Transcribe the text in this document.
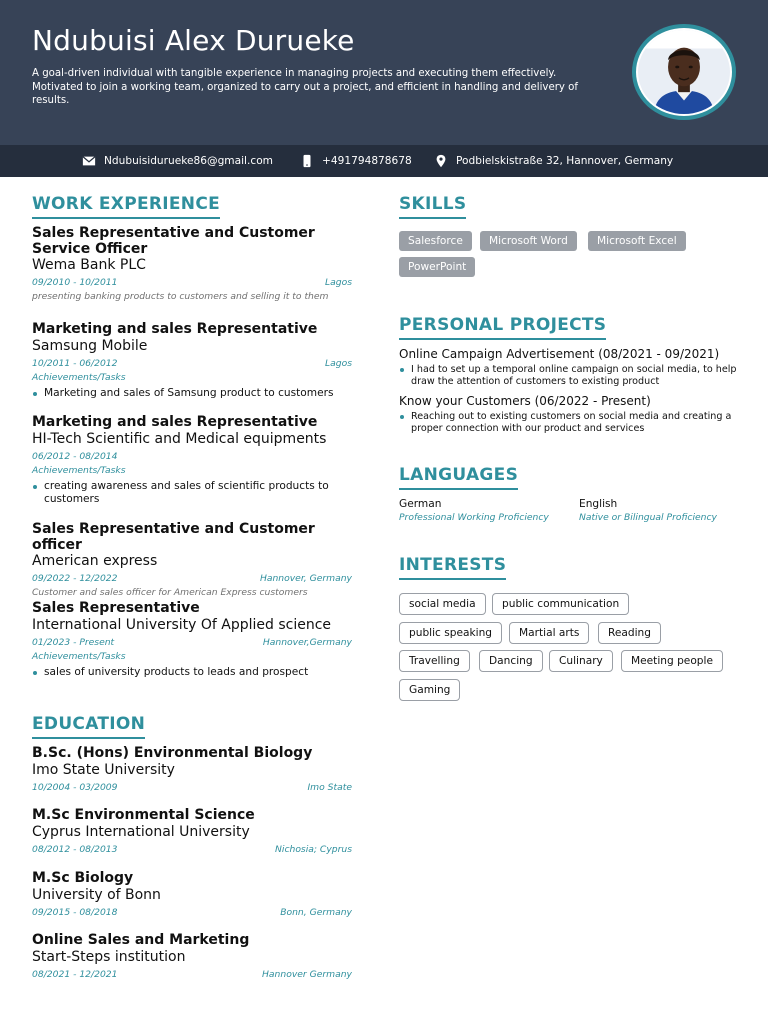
Ndubuisi Alex Durueke
A goal-driven individual with tangible experience in managing projects and executing them effectively. Motivated to join a working team, organized to carry out a project, and efficient in handling and delivery of results.
Ndubuisidurueke86@gmail.com	+491794878678	Podbielskistraße 32, Hannover, Germany
WORK EXPERIENCE
Sales Representative and Customer Service Officer
Wema Bank PLC
09/2010 - 10/2011	Lagos
presenting banking products to customers and selling it to them
Marketing and sales Representative
Samsung Mobile
10/2011 - 06/2012	Lagos
Achievements/Tasks
Marketing and sales of Samsung product to customers
Marketing and sales Representative
HI-Tech Scientific and Medical equipments
06/2012 - 08/2014
Achievements/Tasks
creating awareness and sales of scientific products to customers
Sales Representative and Customer officer
American express
09/2022 - 12/2022	Hannover, Germany
Customer and sales officer for American Express customers
Sales Representative
International University Of Applied science
01/2023 - Present	Hannover,Germany
Achievements/Tasks
sales of university products to leads and prospect
EDUCATION
B.Sc. (Hons) Environmental Biology
Imo State University
10/2004 - 03/2009	Imo State
M.Sc Environmental Science
Cyprus International University
08/2012 - 08/2013	Nichosia; Cyprus
M.Sc Biology
University of Bonn
09/2015 - 08/2018	Bonn, Germany
Online Sales and Marketing
Start-Steps institution
08/2021 - 12/2021	Hannover Germany
SKILLS
Salesforce	Microsoft Word	Microsoft Excel
PowerPoint
PERSONAL PROJECTS
Online Campaign Advertisement (08/2021 - 09/2021)
I had to set up a temporal online campaign on social media, to help draw the attention of customers to existing product
Know your Customers (06/2022 - Present)
Reaching out to existing customers on social media and creating a proper connection with our product and services
LANGUAGES
German
Professional Working Proficiency
English
Native or Bilingual Proficiency
INTERESTS
social media	public communication
public speaking	Martial arts	Reading
Travelling	Dancing	Culinary	Meeting people
Gaming
